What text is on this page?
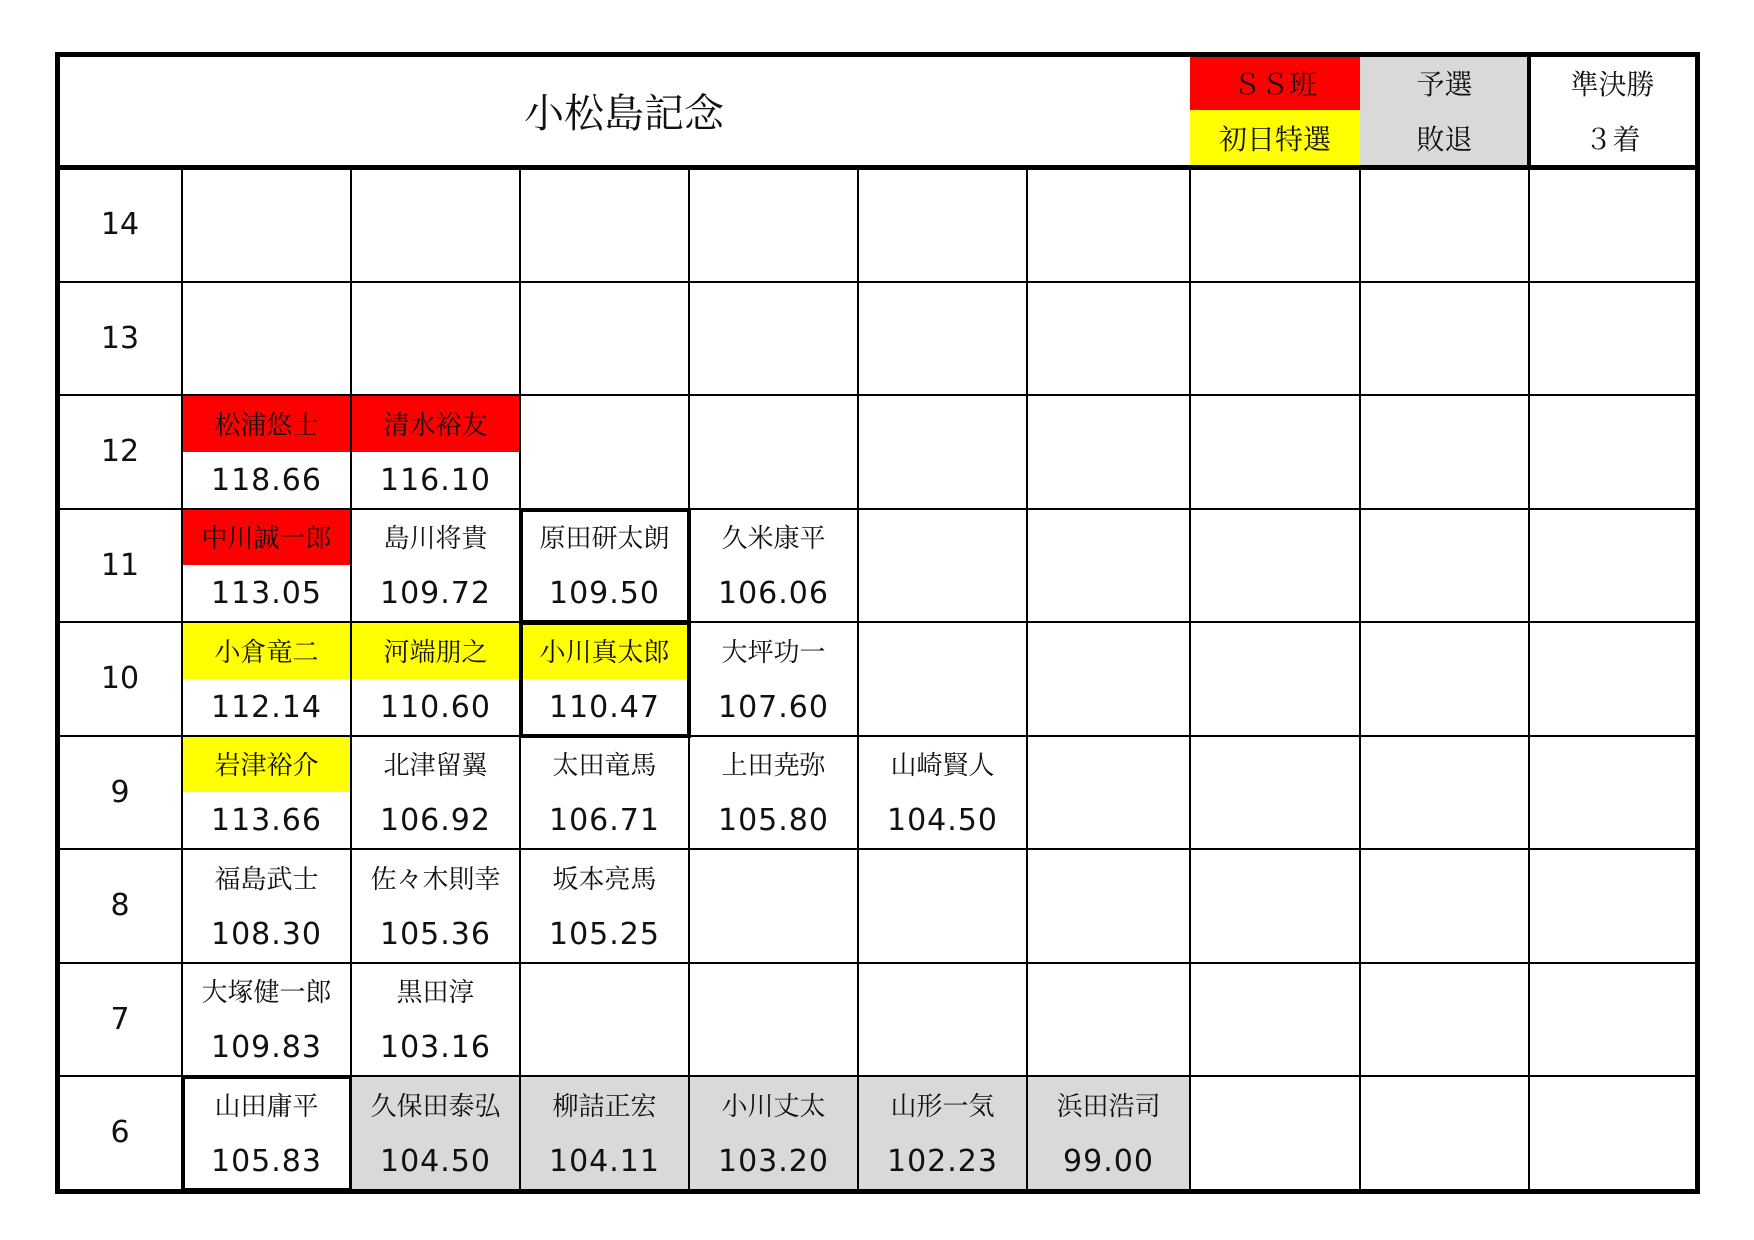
小松島記念
ＳＳ班
初日特選
予選
敗退
準決勝
３着
14
13
12
松浦悠士
118.66
清水裕友
116.10
11
中川誠一郎
113.05
島川将貴
109.72
原田研太朗
109.50
久米康平
106.06
10
小倉竜二
112.14
河端朋之
110.60
小川真太郎
110.47
大坪功一
107.60
9
岩津裕介
113.66
北津留翼
106.92
太田竜馬
106.71
上田尭弥
105.80
山崎賢人
104.50
8
福島武士
108.30
佐々木則幸
105.36
坂本亮馬
105.25
7
大塚健一郎
109.83
黒田淳
103.16
6
山田庸平
105.83
久保田泰弘
104.50
柳詰正宏
104.11
小川丈太
103.20
山形一気
102.23
浜田浩司
99.00
